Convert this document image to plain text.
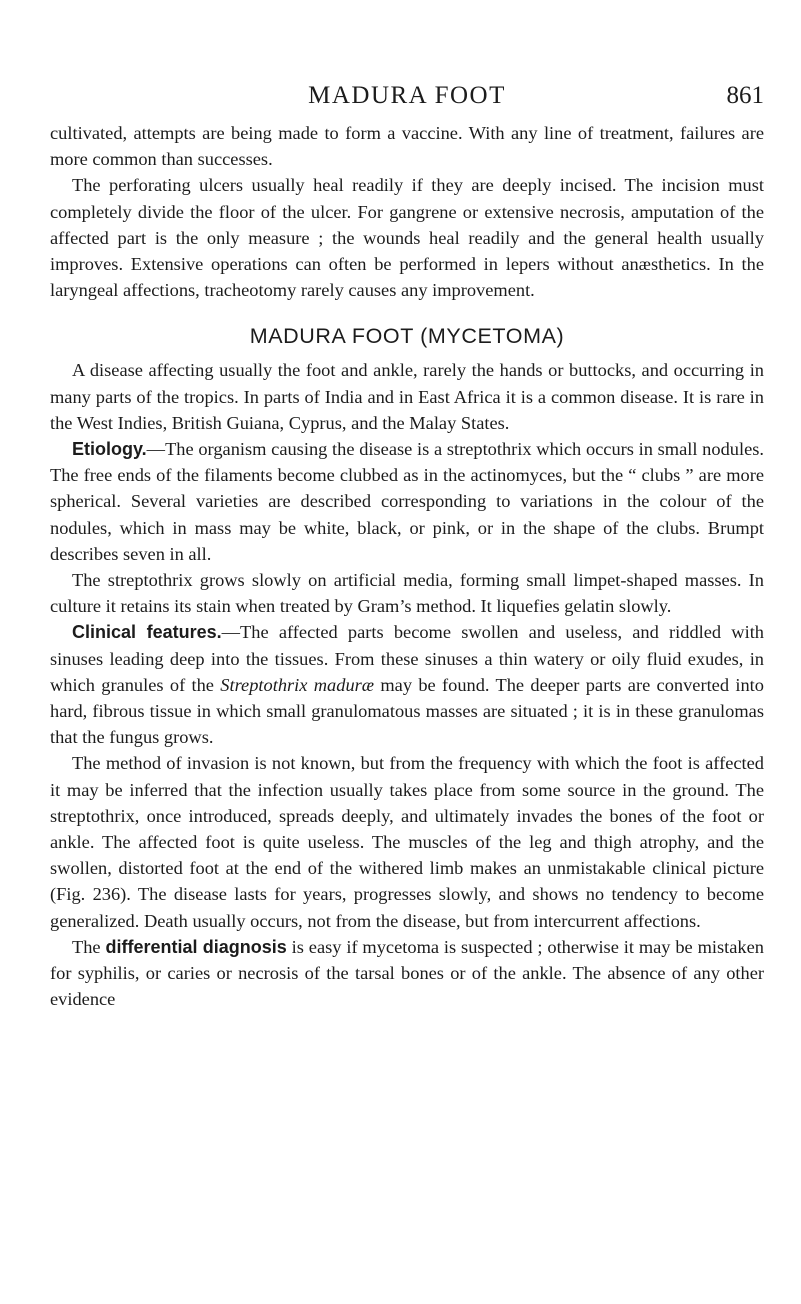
MADURA FOOT	861

cultivated, attempts are being made to form a vaccine. With any line of treatment, failures are more common than successes.

The perforating ulcers usually heal readily if they are deeply incised. The incision must completely divide the floor of the ulcer. For gangrene or extensive necrosis, amputation of the affected part is the only measure ; the wounds heal readily and the general health usually improves. Extensive operations can often be performed in lepers without anæsthetics. In the laryngeal affections, tracheotomy rarely causes any improvement.

MADURA FOOT (MYCETOMA)

A disease affecting usually the foot and ankle, rarely the hands or buttocks, and occurring in many parts of the tropics. In parts of India and in East Africa it is a common disease. It is rare in the West Indies, British Guiana, Cyprus, and the Malay States.

Etiology.—The organism causing the disease is a streptothrix which occurs in small nodules. The free ends of the filaments become clubbed as in the actinomyces, but the “ clubs ” are more spherical. Several varieties are described corresponding to variations in the colour of the nodules, which in mass may be white, black, or pink, or in the shape of the clubs. Brumpt describes seven in all.

The streptothrix grows slowly on artificial media, forming small limpet-shaped masses. In culture it retains its stain when treated by Gram’s method. It liquefies gelatin slowly.

Clinical features.—The affected parts become swollen and useless, and riddled with sinuses leading deep into the tissues. From these sinuses a thin watery or oily fluid exudes, in which granules of the Streptothrix maduræ may be found. The deeper parts are converted into hard, fibrous tissue in which small granulomatous masses are situated ; it is in these granulomas that the fungus grows.

The method of invasion is not known, but from the frequency with which the foot is affected it may be inferred that the infection usually takes place from some source in the ground. The streptothrix, once introduced, spreads deeply, and ultimately invades the bones of the foot or ankle. The affected foot is quite useless. The muscles of the leg and thigh atrophy, and the swollen, distorted foot at the end of the withered limb makes an unmistakable clinical picture (Fig. 236). The disease lasts for years, progresses slowly, and shows no tendency to become generalized. Death usually occurs, not from the disease, but from intercurrent affections.

The differential diagnosis is easy if mycetoma is suspected ; otherwise it may be mistaken for syphilis, or caries or necrosis of the tarsal bones or of the ankle. The absence of any other evidence
